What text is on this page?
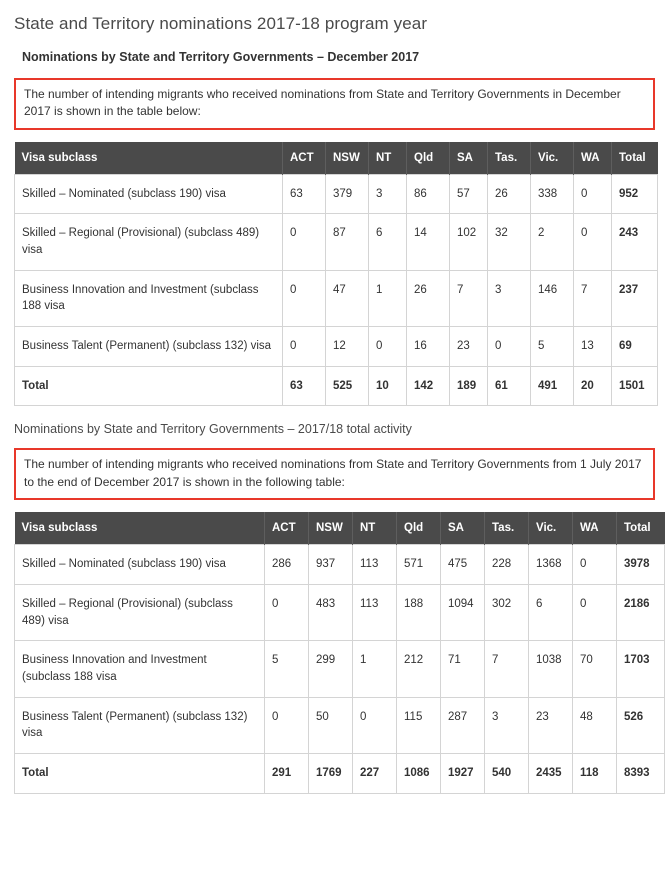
State and Territory nominations 2017-18 program year
Nominations by State and Territory Governments – December 2017
The number of intending migrants who received nominations from State and Territory Governments in December 2017 is shown in the table below:
Visa subclass	ACT	NSW	NT	Qld	SA	Tas.	Vic.	WA	Total
Skilled – Nominated (subclass 190) visa	63	379	3	86	57	26	338	0	952
Skilled – Regional (Provisional) (subclass 489) visa	0	87	6	14	102	32	2	0	243
Business Innovation and Investment (subclass 188 visa	0	47	1	26	7	3	146	7	237
Business Talent (Permanent) (subclass 132) visa	0	12	0	16	23	0	5	13	69
Total	63	525	10	142	189	61	491	20	1501
Nominations by State and Territory Governments – 2017/18 total activity
The number of intending migrants who received nominations from State and Territory Governments from 1 July 2017 to the end of December 2017 is shown in the following table:
Visa subclass	ACT	NSW	NT	Qld	SA	Tas.	Vic.	WA	Total
Skilled – Nominated (subclass 190) visa	286	937	113	571	475	228	1368	0	3978
Skilled – Regional (Provisional) (subclass 489) visa	0	483	113	188	1094	302	6	0	2186
Business Innovation and Investment (subclass 188 visa	5	299	1	212	71	7	1038	70	1703
Business Talent (Permanent) (subclass 132) visa	0	50	0	115	287	3	23	48	526
Total	291	1769	227	1086	1927	540	2435	118	8393
